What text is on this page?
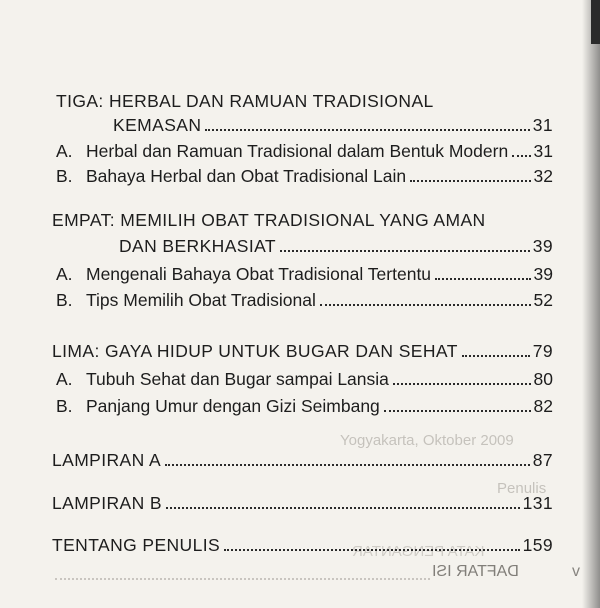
Yogyakarta, Oktober 2009
Penulis
KATA PENGANTAR
DAFTAR ISI	v
TIGA: HERBAL DAN RAMUAN TRADISIONAL
KEMASAN	31
A. Herbal dan Ramuan Tradisional dalam Bentuk Modern 31
B. Bahaya Herbal dan Obat Tradisional Lain	32
EMPAT: MEMILIH OBAT TRADISIONAL YANG AMAN
DAN BERKHASIAT	39
A. Mengenali Bahaya Obat Tradisional Tertentu	39
B. Tips Memilih Obat Tradisional	52
LIMA: GAYA HIDUP UNTUK BUGAR DAN SEHAT	79
A. Tubuh Sehat dan Bugar sampai Lansia	80
B. Panjang Umur dengan Gizi Seimbang	82
LAMPIRAN A	87
LAMPIRAN B	131
TENTANG PENULIS	159
